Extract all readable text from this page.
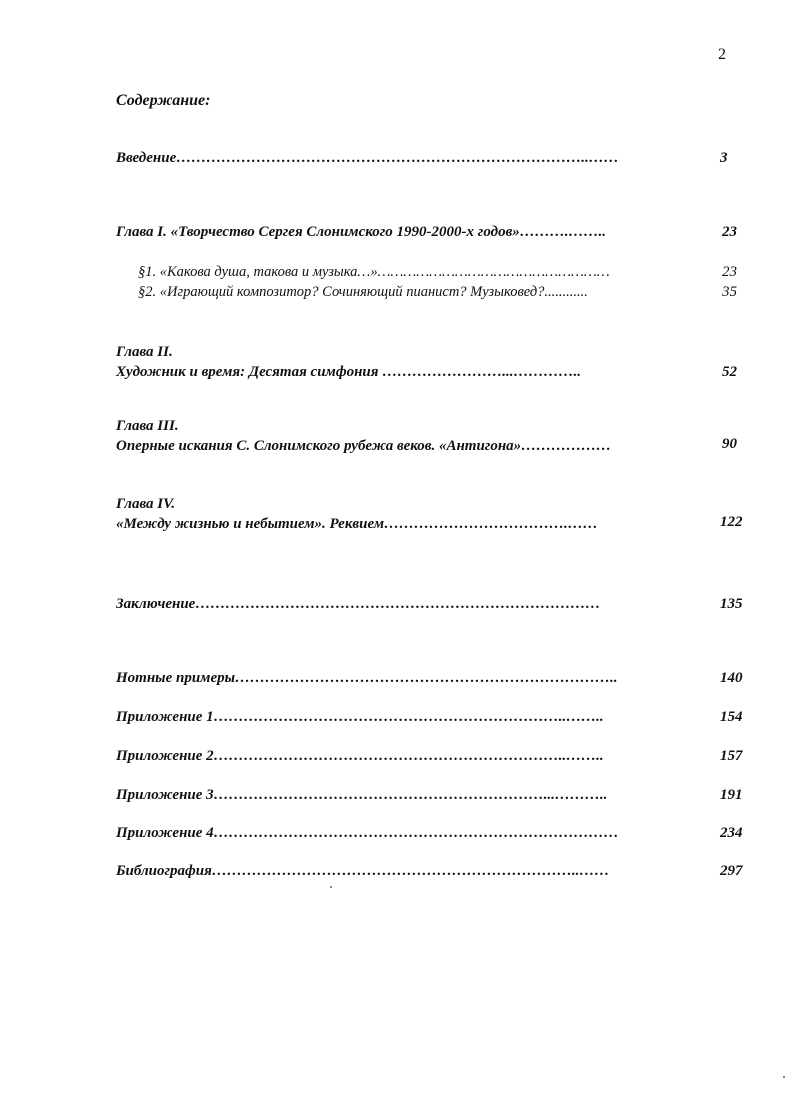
2
Содержание:
Введение………………………………………………………………………..……	3
Глава I. «Творчество Сергея Слонимского 1990-2000-х годов»……….……..	23
§1. «Какова душа, такова и музыка…»………………………………………………	23
§2. «Играющий композитор? Сочиняющий пианист? Музыковед?............	35
Глава II.
Художник и время: Десятая симфония ……………………...…………..	52
Глава III.
Оперные искания С. Слонимского рубежа веков. «Антигона»………………	90
Глава IV.
«Между жизнью и небытием». Реквием……………………………….……	122
Заключение………………………………………………………………………	135
Нотные примеры…………………………………………………………………..	140
Приложение 1……………………………………………………………..……..	154
Приложение 2……………………………………………………………..……..	157
Приложение 3…………………………………………………………...………..	191
Приложение 4………………………………………………………………………	234
Библиография………………………………………………………………..……	297
